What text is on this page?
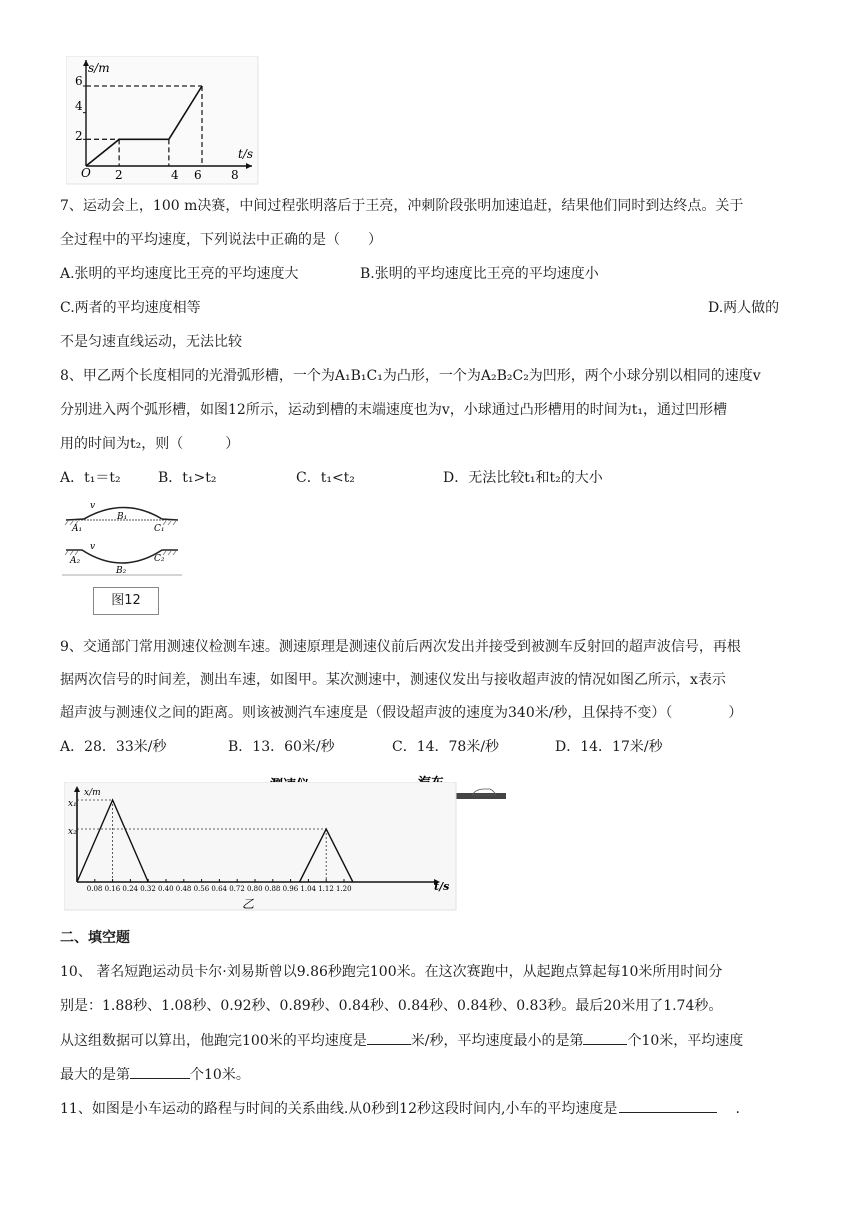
s/m
t/s
6
4
2
O 2	4 6 8
7、运动会上，100 m决赛，中间过程张明落后于王亮，冲刺阶段张明加速追赶，结果他们同时到达终点。关于
全过程中的平均速度，下列说法中正确的是（　　）
A.张明的平均速度比王亮的平均速度大	B.张明的平均速度比王亮的平均速度小
C.两者的平均速度相等	D.两人做的
不是匀速直线运动，无法比较
8、甲乙两个长度相同的光滑弧形槽，一个为A₁B₁C₁为凸形，一个为A₂B₂C₂为凹形，两个小球分别以相同的速度v
分别进入两个弧形槽，如图12所示，运动到槽的末端速度也为v，小球通过凸形槽用的时间为t₁，通过凹形槽
用的时间为t₂，则（　　　）
A．t₁＝t₂	B．t₁>t₂	C．t₁<t₂	D．无法比较t₁和t₂的大小
v
A₁
B₁
C₁
v
A₂
B₂
C₂
图12
9、交通部门常用测速仪检测车速。测速原理是测速仪前后两次发出并接受到被测车反射回的超声波信号，再根
据两次信号的时间差，测出车速，如图甲。某次测速中，测速仪发出与接收超声波的情况如图乙所示，x表示
超声波与测速仪之间的距离。则该被测汽车速度是（假设超声波的速度为340米/秒，且保持不变）（　　　　）
A．28．33米/秒	B．13．60米/秒	C．14．78米/秒	D．14．17米/秒
0.08 0.16 0.24 0.32 0.40 0.48 0.56 0.64 0.72 0.80 0.88 0.96 1.04 1.12 1.20
x/m
x₁
x₂
t/s
乙
二、填空题
10、 著名短跑运动员卡尔·刘易斯曾以9.86秒跑完100米。在这次赛跑中，从起跑点算起每10米所用时间分
别是：1.88秒、1.08秒、0.92秒、0.89秒、0.84秒、0.84秒、0.84秒、0.83秒。最后20米用了1.74秒。
从这组数据可以算出，他跑完100米的平均速度是	米/秒，平均速度最小的是第	个10米，平均速度
最大的是第	个10米。
11、如图是小车运动的路程与时间的关系曲线.从0秒到12秒这段时间内,小车的平均速度是	.
